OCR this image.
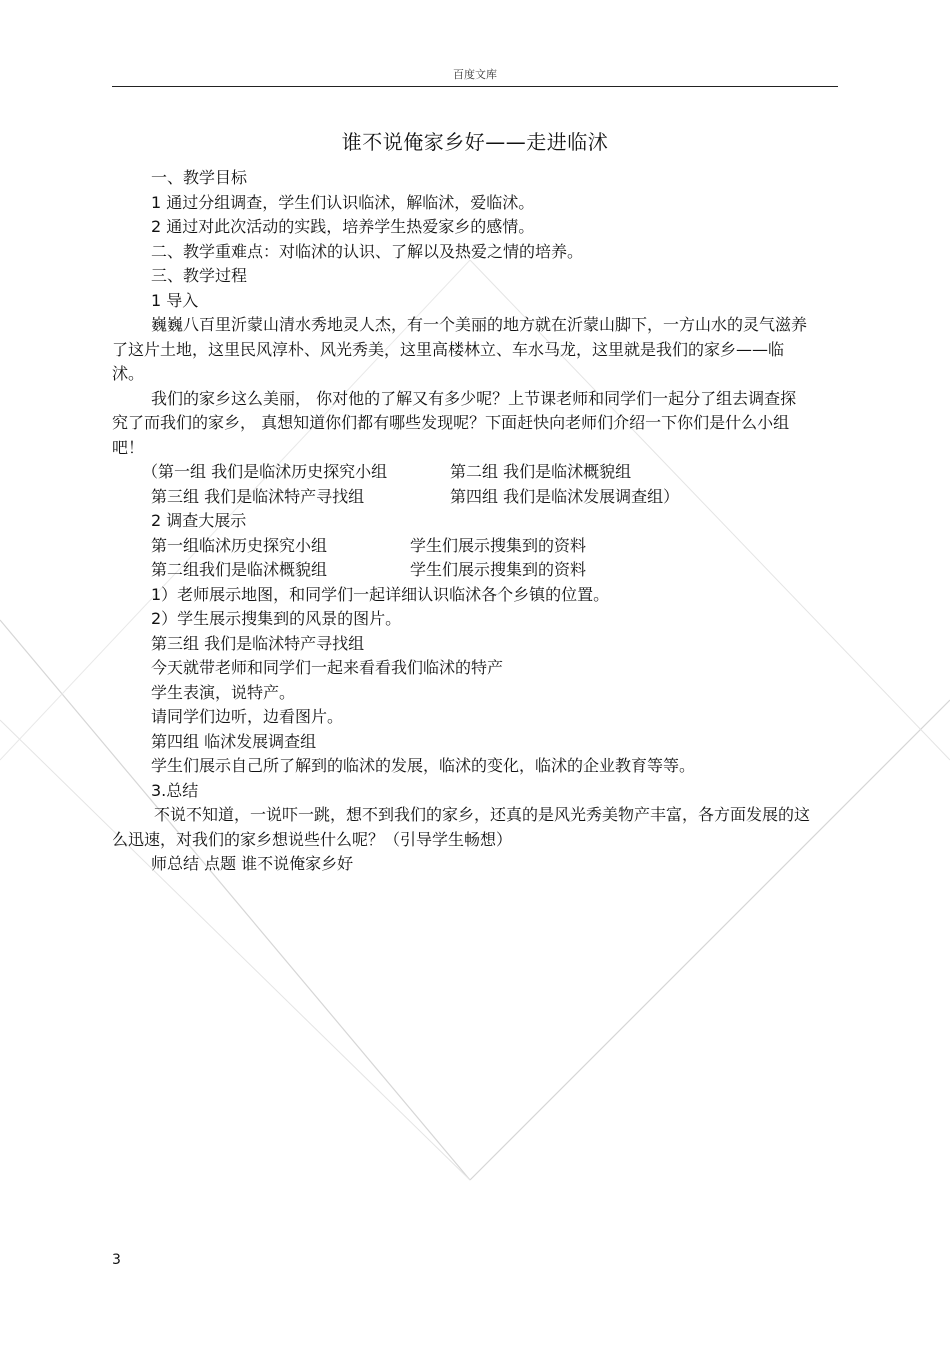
百度文库
谁不说俺家乡好——走进临沭

一、教学目标

1 通过分组调查，学生们认识临沭，解临沭，爱临沭。

2 通过对此次活动的实践，培养学生热爱家乡的感情。

二、教学重难点：对临沭的认识、了解以及热爱之情的培养。

三、教学过程

1 导入

巍巍八百里沂蒙山清水秀地灵人杰，有一个美丽的地方就在沂蒙山脚下，一方山水的灵气滋养了这片土地，这里民风淳朴、风光秀美，这里高楼林立、车水马龙，这里就是我们的家乡——临沭。

我们的家乡这么美丽， 你对他的了解又有多少呢？上节课老师和同学们一起分了组去调查探究了而我们的家乡， 真想知道你们都有哪些发现呢？下面赶快向老师们介绍一下你们是什么小组吧！

（第一组 我们是临沭历史探究小组	第二组 我们是临沭概貌组
第三组 我们是临沭特产寻找组	第四组 我们是临沭发展调查组）

2 调查大展示

第一组临沭历史探究小组	学生们展示搜集到的资料
第二组我们是临沭概貌组	学生们展示搜集到的资料

1）老师展示地图，和同学们一起详细认识临沭各个乡镇的位置。

2）学生展示搜集到的风景的图片。

第三组 我们是临沭特产寻找组

今天就带老师和同学们一起来看看我们临沭的特产

学生表演，说特产。

请同学们边听，边看图片。

第四组 临沭发展调查组

学生们展示自己所了解到的临沭的发展，临沭的变化，临沭的企业教育等等。

3.总结

不说不知道，一说吓一跳，想不到我们的家乡，还真的是风光秀美物产丰富，各方面发展的这么迅速，对我们的家乡想说些什么呢？（引导学生畅想）

师总结 点题 谁不说俺家乡好

3
